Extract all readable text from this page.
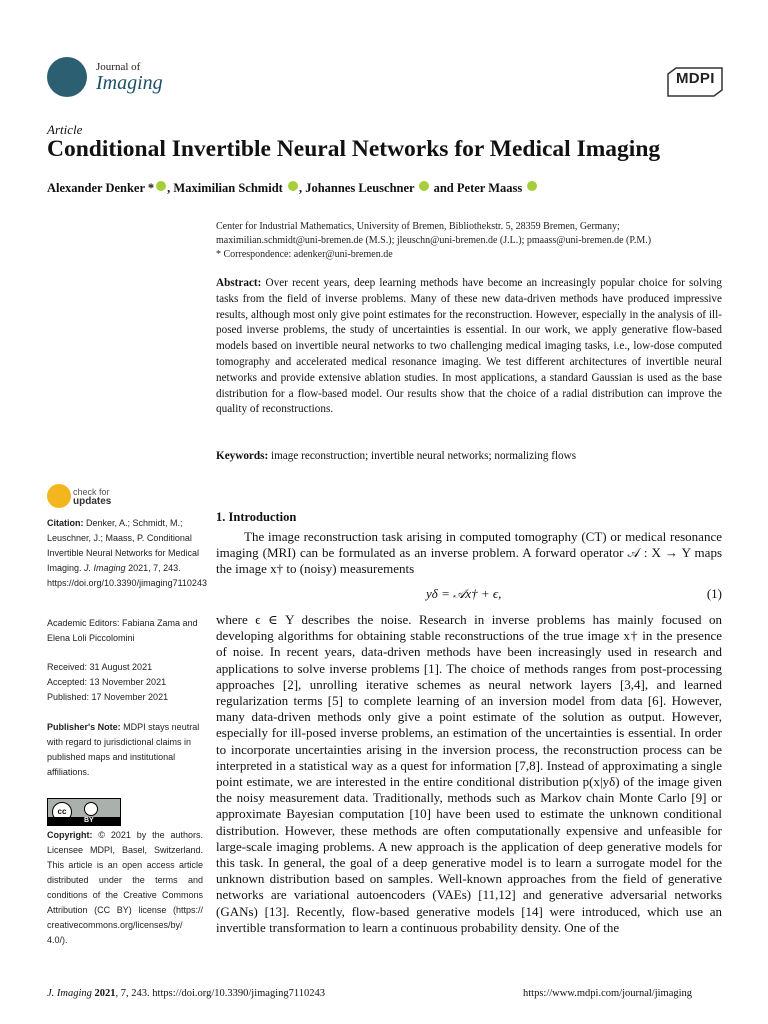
Journal of
Imaging	MDPI
Article
Conditional Invertible Neural Networks for Medical Imaging
Alexander Denker * , Maximilian Schmidt , Johannes Leuschner and Peter Maass
Center for Industrial Mathematics, University of Bremen, Bibliothekstr. 5, 28359 Bremen, Germany;
maximilian.schmidt@uni-bremen.de (M.S.); jleuschn@uni-bremen.de (J.L.); pmaass@uni-bremen.de (P.M.)
* Correspondence: adenker@uni-bremen.de
Abstract: Over recent years, deep learning methods have become an increasingly popular choice for solving tasks from the field of inverse problems. Many of these new data-driven methods have produced impressive results, although most only give point estimates for the reconstruction. However, especially in the analysis of ill-posed inverse problems, the study of uncertainties is essential. In our work, we apply generative flow-based models based on invertible neural networks to two challenging medical imaging tasks, i.e., low-dose computed tomography and accelerated medical resonance imaging. We test different architectures of invertible neural networks and provide extensive ablation studies. In most applications, a standard Gaussian is used as the base distribution for a flow-based model. Our results show that the choice of a radial distribution can improve the quality of reconstructions.
Keywords: image reconstruction; invertible neural networks; normalizing flows
check for
updates
Citation: Denker, A.; Schmidt, M.; Leuschner, J.; Maass, P. Conditional Invertible Neural Networks for Medical Imaging. J. Imaging 2021, 7, 243. https://doi.org/10.3390/jimaging7110243
Academic Editors: Fabiana Zama and Elena Loli Piccolomini
Received: 31 August 2021
Accepted: 13 November 2021
Published: 17 November 2021
Publisher's Note: MDPI stays neutral with regard to jurisdictional claims in published maps and institutional affiliations.
cc
BY
Copyright: © 2021 by the authors. Licensee MDPI, Basel, Switzerland. This article is an open access article distributed under the terms and conditions of the Creative Commons Attribution (CC BY) license (https:// creativecommons.org/licenses/by/ 4.0/).
1. Introduction
The image reconstruction task arising in computed tomography (CT) or medical resonance imaging (MRI) can be formulated as an inverse problem. A forward operator 𝒜 : X → Y maps the image x† to (noisy) measurements
yδ = 𝒜x† + ϵ,	(1)
where ϵ ∈ Y describes the noise. Research in inverse problems has mainly focused on developing algorithms for obtaining stable reconstructions of the true image x† in the presence of noise. In recent years, data-driven methods have been increasingly used in research and applications to solve inverse problems [1]. The choice of methods ranges from post-processing approaches [2], unrolling iterative schemes as neural network layers [3,4], and learned regularization terms [5] to complete learning of an inversion model from data [6]. However, many data-driven methods only give a point estimate of the solution as output. However, especially for ill-posed inverse problems, an estimation of the uncertainties is essential. In order to incorporate uncertainties arising in the inversion process, the reconstruction process can be interpreted in a statistical way as a quest for information [7,8]. Instead of approximating a single point estimate, we are interested in the entire conditional distribution p(x|yδ) of the image given the noisy measurement data. Traditionally, methods such as Markov chain Monte Carlo [9] or approximate Bayesian computation [10] have been used to estimate the unknown conditional distribution. However, these methods are often computationally expensive and unfeasible for large-scale imaging problems. A new approach is the application of deep generative models for this task. In general, the goal of a deep generative model is to learn a surrogate model for the unknown distribution based on samples. Well-known approaches from the field of generative networks are variational autoencoders (VAEs) [11,12] and generative adversarial networks (GANs) [13]. Recently, flow-based generative models [14] were introduced, which use an invertible transformation to learn a continuous probability density. One of the
J. Imaging 2021, 7, 243. https://doi.org/10.3390/jimaging7110243	https://www.mdpi.com/journal/jimaging
